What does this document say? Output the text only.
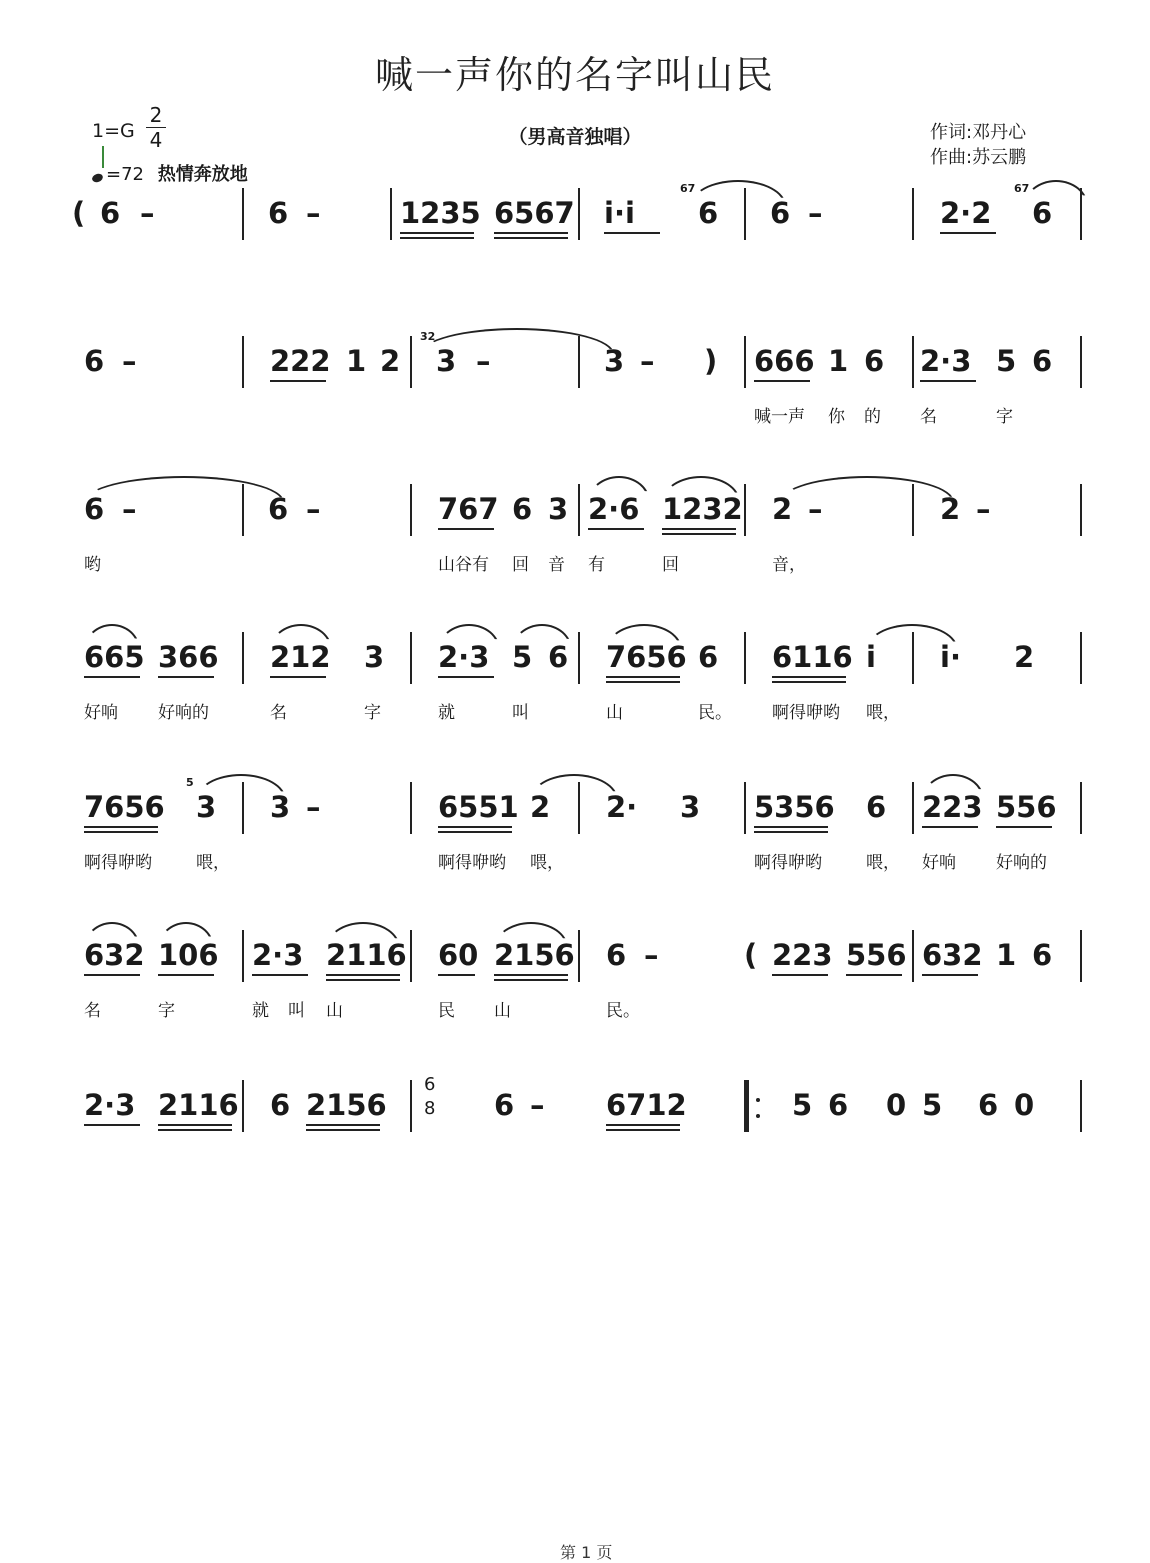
喊一声你的名字叫山民
1=G
2
4
=72 热情奔放地
（男高音独唱）	作词:邓丹心
作曲:苏云鹏
( 6 –	6 –	1235 6567 i·i 6 6 –	2·2 6
67	67
6 –	222 1 2 3 –	3 – ) 666 1 6 2·3 5 6
32
喊一声 你 的 名	字
6 –	6 –	767 6 3 2·6 1232 2 –	2 –
哟	山谷有 回 音 有	回	音，
665 366 212 3 2·3 5 6 7656 6 6116 i i· 2
好响 好响的	名	字	就	叫	山	民。 啊得咿哟 喂，
7656 3 3 –	6551 2 2· 3 5356 6 223 556
5
啊得咿哟	喂，	啊得咿哟 喂，	啊得咿哟	喂， 好响 好响的
632 106 2·3 2116 60 2156 6 –	( 223 556 632 1 6
名	字	就 叫 山	民 山	民。
2·3 2116 6 2156	6 – 6712	5 6 0 5 6 0
6
8
第 1 页
